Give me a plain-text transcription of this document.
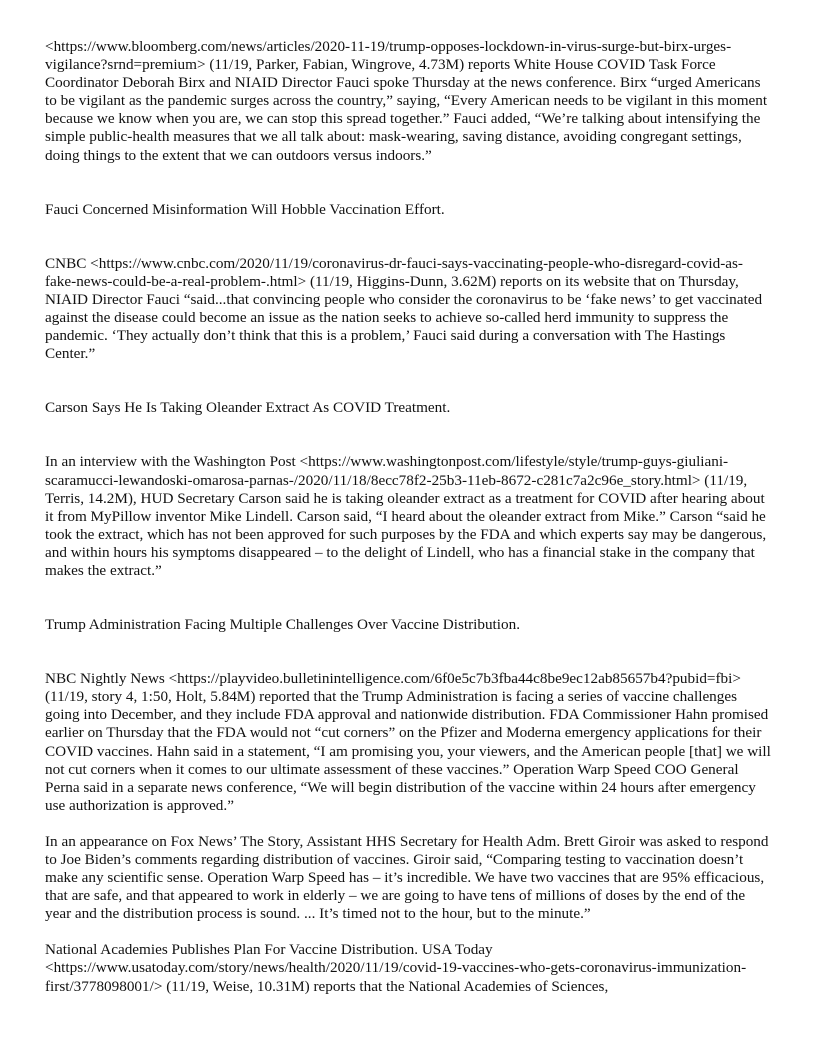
<https://www.bloomberg.com/news/articles/2020-11-19/trump-opposes-lockdown-in-virus-surge-but-birx-urges-vigilance?srnd=premium> (11/19, Parker, Fabian, Wingrove, 4.73M) reports White House COVID Task Force Coordinator Deborah Birx and NIAID Director Fauci spoke Thursday at the news conference. Birx “urged Americans to be vigilant as the pandemic surges across the country,” saying, “Every American needs to be vigilant in this moment because we know when you are, we can stop this spread together.” Fauci added, “We’re talking about intensifying the simple public-health measures that we all talk about: mask-wearing, saving distance, avoiding congregant settings, doing things to the extent that we can outdoors versus indoors.”

Fauci Concerned Misinformation Will Hobble Vaccination Effort.

CNBC <https://www.cnbc.com/2020/11/19/coronavirus-dr-fauci-says-vaccinating-people-who-disregard-covid-as-fake-news-could-be-a-real-problem-.html> (11/19, Higgins-Dunn, 3.62M) reports on its website that on Thursday, NIAID Director Fauci “said...that convincing people who consider the coronavirus to be ‘fake news’ to get vaccinated against the disease could become an issue as the nation seeks to achieve so-called herd immunity to suppress the pandemic. ‘They actually don’t think that this is a problem,’ Fauci said during a conversation with The Hastings Center.”

Carson Says He Is Taking Oleander Extract As COVID Treatment.

In an interview with the Washington Post <https://www.washingtonpost.com/lifestyle/style/trump-guys-giuliani-scaramucci-lewandoski-omarosa-parnas-/2020/11/18/8ecc78f2-25b3-11eb-8672-c281c7a2c96e_story.html> (11/19, Terris, 14.2M), HUD Secretary Carson said he is taking oleander extract as a treatment for COVID after hearing about it from MyPillow inventor Mike Lindell. Carson said, “I heard about the oleander extract from Mike.” Carson “said he took the extract, which has not been approved for such purposes by the FDA and which experts say may be dangerous, and within hours his symptoms disappeared – to the delight of Lindell, who has a financial stake in the company that makes the extract.”

Trump Administration Facing Multiple Challenges Over Vaccine Distribution.

NBC Nightly News <https://playvideo.bulletinintelligence.com/6f0e5c7b3fba44c8be9ec12ab85657b4?pubid=fbi> (11/19, story 4, 1:50, Holt, 5.84M) reported that the Trump Administration is facing a series of vaccine challenges going into December, and they include FDA approval and nationwide distribution. FDA Commissioner Hahn promised earlier on Thursday that the FDA would not “cut corners” on the Pfizer and Moderna emergency applications for their COVID vaccines. Hahn said in a statement, “I am promising you, your viewers, and the American people [that] we will not cut corners when it comes to our ultimate assessment of these vaccines.” Operation Warp Speed COO General Perna said in a separate news conference, “We will begin distribution of the vaccine within 24 hours after emergency use authorization is approved.”

In an appearance on Fox News’ The Story, Assistant HHS Secretary for Health Adm. Brett Giroir was asked to respond to Joe Biden’s comments regarding distribution of vaccines. Giroir said, “Comparing testing to vaccination doesn’t make any scientific sense. Operation Warp Speed has – it’s incredible. We have two vaccines that are 95% efficacious, that are safe, and that appeared to work in elderly – we are going to have tens of millions of doses by the end of the year and the distribution process is sound. ... It’s timed not to the hour, but to the minute.”

National Academies Publishes Plan For Vaccine Distribution. USA Today <https://www.usatoday.com/story/news/health/2020/11/19/covid-19-vaccines-who-gets-coronavirus-immunization-first/3778098001/> (11/19, Weise, 10.31M) reports that the National Academies of Sciences,
